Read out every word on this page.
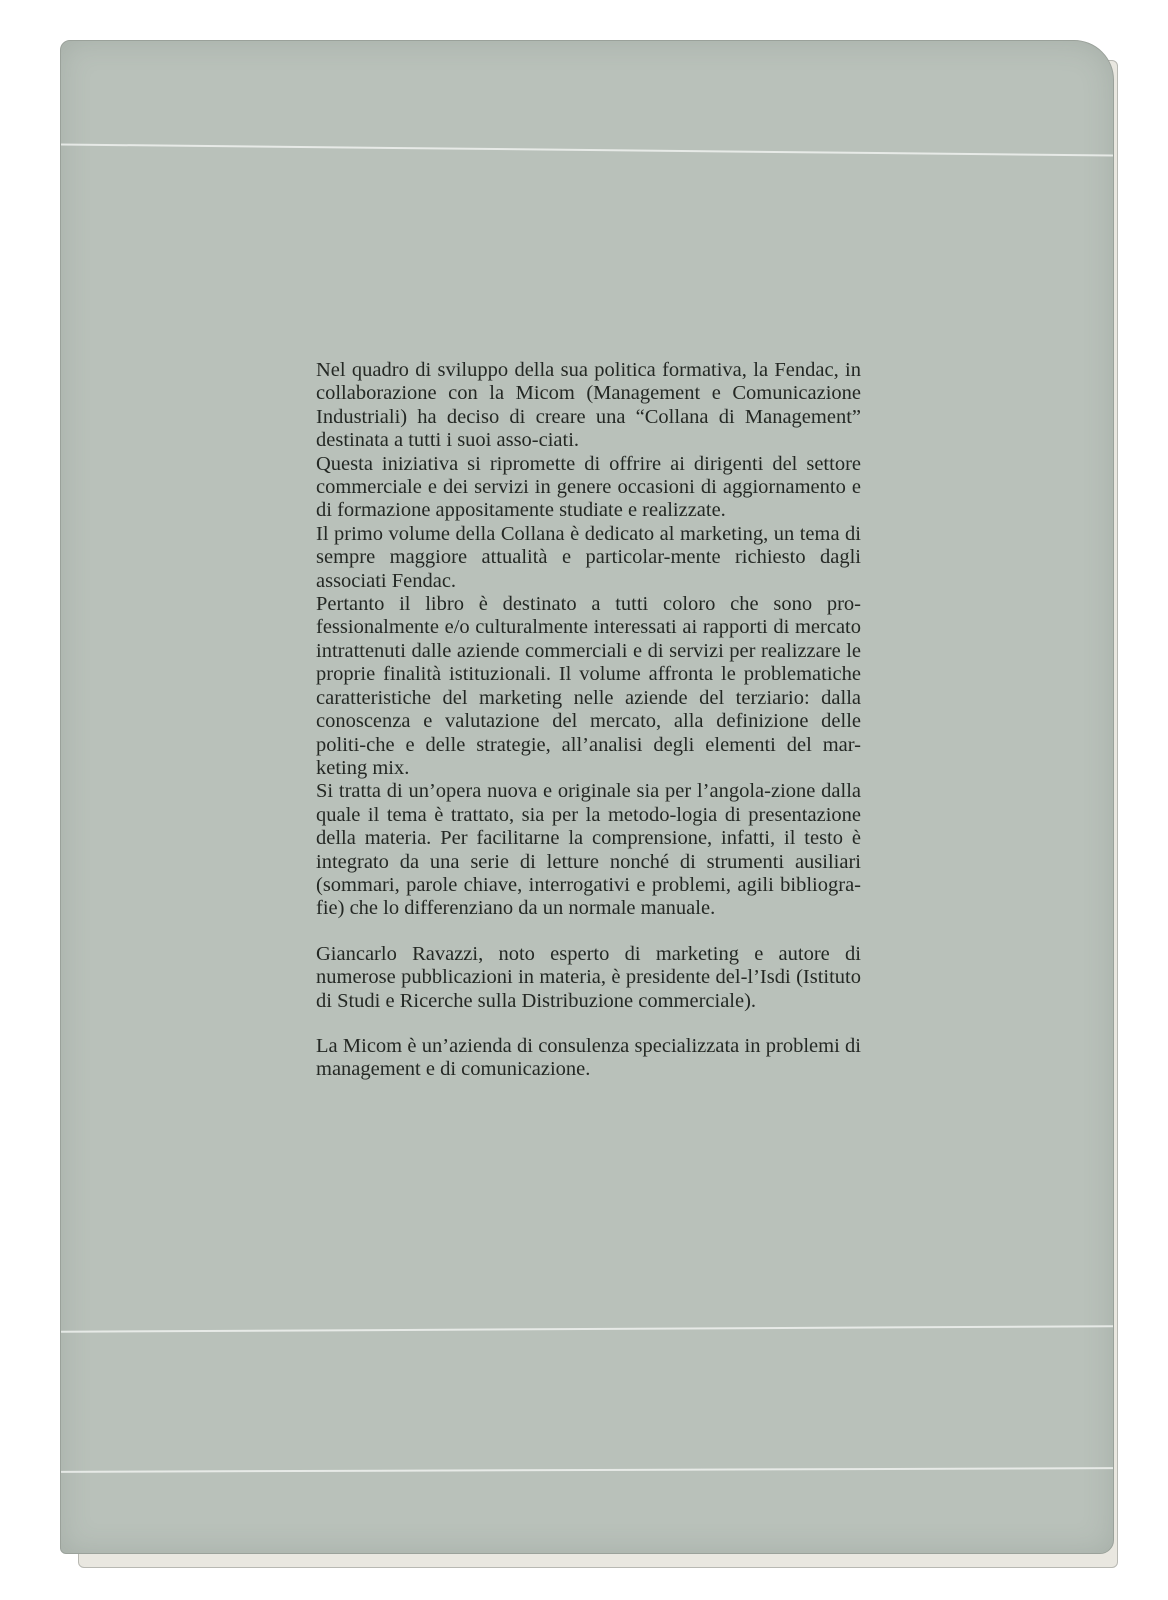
Nel quadro di sviluppo della sua politica formativa, la Fendac, in collaborazione con la Micom (Management e Comunicazione Industriali) ha deciso di creare una “Collana di Management” destinata a tutti i suoi asso-ciati.

Questa iniziativa si ripromette di offrire ai dirigenti del settore commerciale e dei servizi in genere occasioni di aggiornamento e di formazione appositamente studiate e realizzate.

Il primo volume della Collana è dedicato al marketing, un tema di sempre maggiore attualità e particolar-mente richiesto dagli associati Fendac.

Pertanto il libro è destinato a tutti coloro che sono pro-fessionalmente e/o culturalmente interessati ai rapporti di mercato intrattenuti dalle aziende commerciali e di servizi per realizzare le proprie finalità istituzionali. Il volume affronta le problematiche caratteristiche del marketing nelle aziende del terziario: dalla conoscenza e valutazione del mercato, alla definizione delle politi-che e delle strategie, all’analisi degli elementi del mar-keting mix.

Si tratta di un’opera nuova e originale sia per l’angola-zione dalla quale il tema è trattato, sia per la metodo-logia di presentazione della materia. Per facilitarne la comprensione, infatti, il testo è integrato da una serie di letture nonché di strumenti ausiliari (sommari, parole chiave, interrogativi e problemi, agili bibliogra-fie) che lo differenziano da un normale manuale.

Giancarlo Ravazzi, noto esperto di marketing e autore di numerose pubblicazioni in materia, è presidente del-l’Isdi (Istituto di Studi e Ricerche sulla Distribuzione commerciale).

La Micom è un’azienda di consulenza specializzata in problemi di management e di comunicazione.
